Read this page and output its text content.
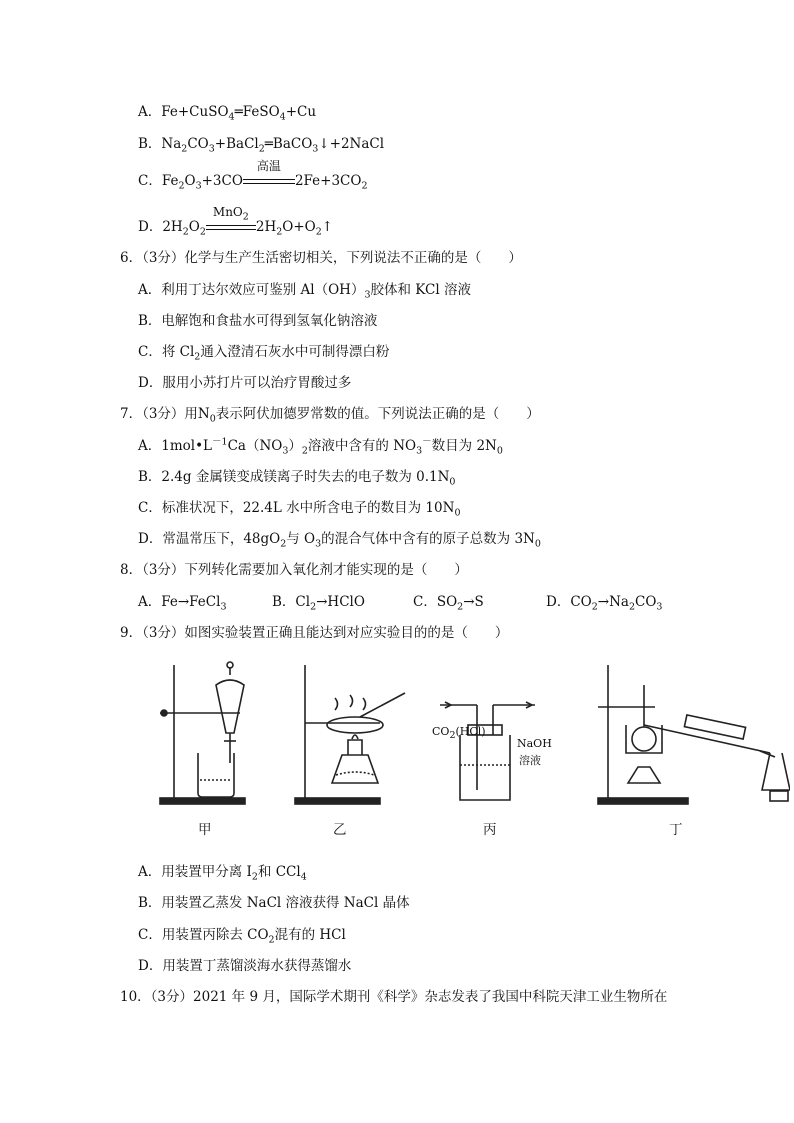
A．Fe+CuSO$_4$═FeSO$_4$+Cu
B．$Na_2CO_3+BaCl_2═BaCO_3↓+2NaCl$
C．$Fe_2O_3+3CO$
高温
$2Fe+3CO_2$
D．$2H_2O_2$
MnO$_2$
$2H_2O+O_2↑$
6．（3分）化学与生产生活密切相关，下列说法不正确的是（　　）
A．利用丁达尔效应可鉴别 $Al(OH)_3$胶体和 KCl 溶液
B．电解饱和食盐水可得到氢氧化钠溶液
C．将 $Cl_2$通入澄清石灰水中可制得漂白粉
D．服用小苏打片可以治疗胃酸过多
7．（3分）用$N_0$表示阿伏加德罗常数的值。下列说法正确的是（　　）
A．$1mol•L^{-1}Ca(NO_3)_2$溶液中含有的 $NO_3^-$数目为 $2N_0$
B．2.4g 金属镁变成镁离子时失去的电子数为 $0.1N_0$
C．标准状况下，22.4L 水中所含电子的数目为 $10N_0$
D．常温常压下，$48gO_2$与 $O_3$的混合气体中含有的原子总数为 $3N_0$
8．（3分）下列转化需要加入氧化剂才能实现的是（　　）
A．Fe→FeCl$_3$	B．$Cl_2\to HClO$	C．$SO_2\to S$	D．$CO_2\to Na_2CO_3$
9．（3分）如图实验装置正确且能达到对应实验目的的是（　　）
甲	乙	丙	丁
$CO_2(HCl)$
NaOH
溶液
A．用装置甲分离 $I_2$和 CCl$_4$
B．用装置乙蒸发 NaCl 溶液获得 NaCl 晶体
C．用装置丙除去 $CO_2$混有的 HCl
D．用装置丁蒸馏淡海水获得蒸馏水
10．（3分）2021 年 9 月，国际学术期刊《科学》杂志发表了我国中科院天津工业生物所在
